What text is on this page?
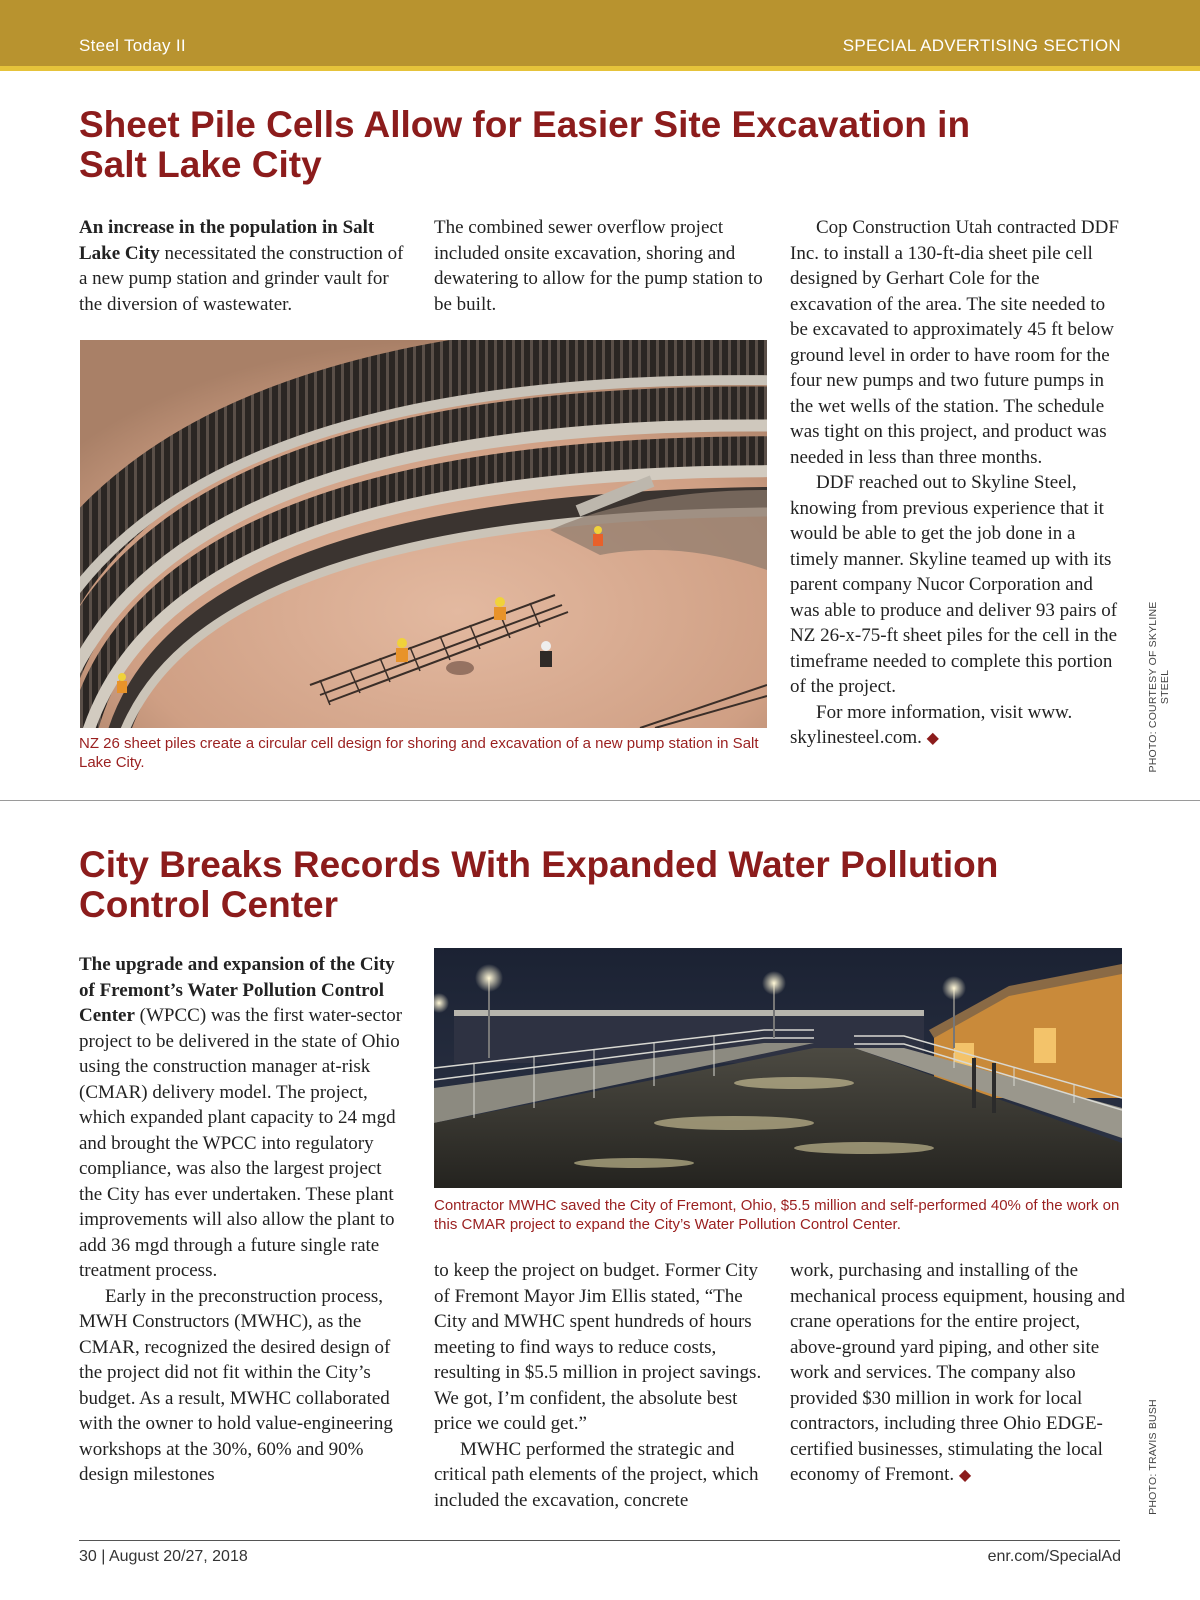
Steel Today II	SPECIAL ADVERTISING SECTION
Sheet Pile Cells Allow for Easier Site Excavation in
Salt Lake City

An increase in the population in Salt Lake City necessitated the construction of a new pump station and grinder vault for the diversion of wastewater.

The combined sewer overflow project included onsite excavation, shoring and dewatering to allow for the pump station to be built.

Cop Construction Utah contracted DDF Inc. to install a 130-ft-dia sheet pile cell designed by Gerhart Cole for the excavation of the area. The site needed to be excavated to approximately 45 ft below ground level in order to have room for the four new pumps and two future pumps in the wet wells of the station. The schedule was tight on this project, and product was needed in less than three months.

DDF reached out to Skyline Steel, knowing from previous experience that it would be able to get the job done in a timely manner. Skyline teamed up with its parent company Nucor Corporation and was able to produce and deliver 93 pairs of NZ 26-x-75-ft sheet piles for the cell in the timeframe needed to complete this portion of the project.

For more information, visit www. skylinesteel.com. ◆

NZ 26 sheet piles create a circular cell design for shoring and excavation of a new pump station in Salt Lake City.	PHOTO: COURTESY OF SKYLINE STEEL
City Breaks Records With Expanded Water Pollution
Control Center

The upgrade and expansion of the City of Fremont’s Water Pollution Control Center (WPCC) was the first water-sector project to be delivered in the state of Ohio using the construction manager at-risk (CMAR) delivery model. The project, which expanded plant capacity to 24 mgd and brought the WPCC into regulatory compliance, was also the largest project the City has ever undertaken. These plant improvements will also allow the plant to add 36 mgd through a future single rate treatment process.

Early in the preconstruction process, MWH Constructors (MWHC), as the CMAR, recognized the desired design of the project did not fit within the City’s budget. As a result, MWHC collaborated with the owner to hold value-engineering workshops at the 30%, 60% and 90% design milestones

Contractor MWHC saved the City of Fremont, Ohio, $5.5 million and self-performed 40% of the work on this CMAR project to expand the City’s Water Pollution Control Center.
PHOTO: TRAVIS BUSH

to keep the project on budget. Former City of Fremont Mayor Jim Ellis stated, “The City and MWHC spent hundreds of hours meeting to find ways to reduce costs, resulting in $5.5 million in project savings. We got, I’m confident, the absolute best price we could get.”

MWHC performed the strategic and critical path elements of the project, which included the excavation, concrete

work, purchasing and installing of the mechanical process equipment, housing and crane operations for the entire project, above-ground yard piping, and other site work and services. The company also provided $30 million in work for local contractors, including three Ohio EDGE-certified businesses, stimulating the local economy of Fremont. ◆

30 | August 20/27, 2018	enr.com/SpecialAd
